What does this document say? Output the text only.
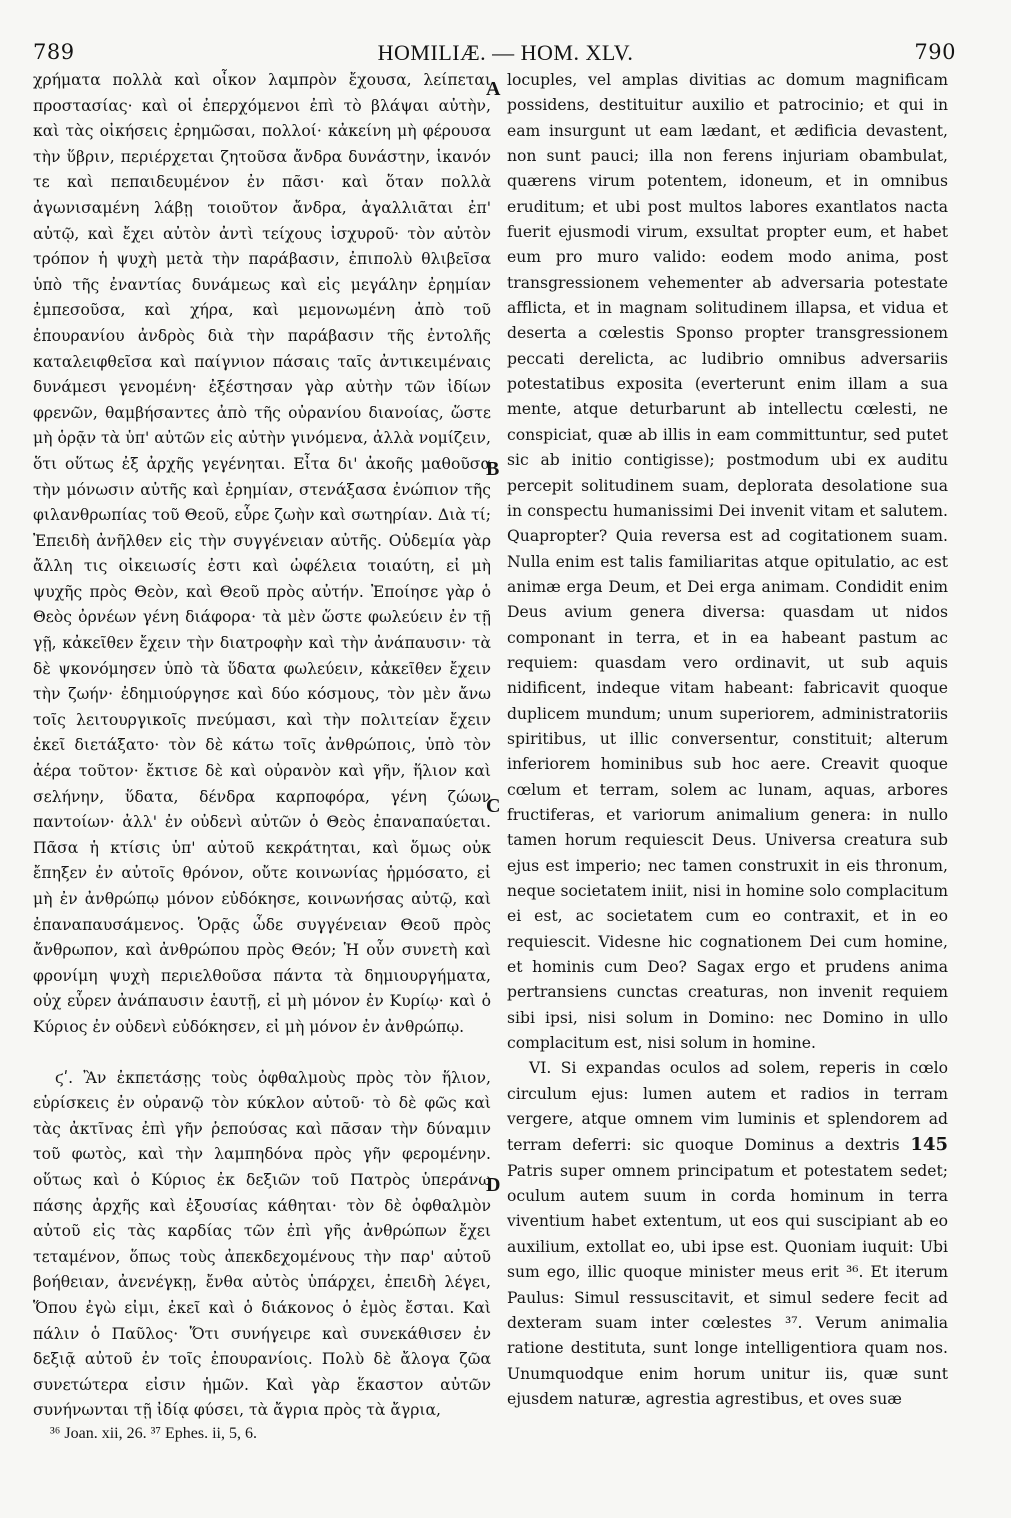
789	HOMILIÆ. — HOM. XLV.	790

χρήματα πολλὰ καὶ οἶκον λαμπρὸν ἔχουσα, λείπεται προστασίας· καὶ οἱ ἐπερχόμενοι ἐπὶ τὸ βλάψαι αὐτὴν, καὶ τὰς οἰκήσεις ἐρημῶσαι, πολλοί· κἀκείνη μὴ φέρουσα τὴν ὕβριν, περιέρχεται ζητοῦσα ἄνδρα δυνάστην, ἱκανόν τε καὶ πεπαιδευμένον ἐν πᾶσι· καὶ ὅταν πολλὰ ἀγωνισαμένη λάβῃ τοιοῦτον ἄνδρα, ἀγαλλιᾶται ἐπ' αὐτῷ, καὶ ἔχει αὐτὸν ἀντὶ τείχους ἰσχυροῦ· τὸν αὐτὸν τρόπον ἡ ψυχὴ μετὰ τὴν παράβασιν, ἐπιπολὺ θλιβεῖσα ὑπὸ τῆς ἐναντίας δυνάμεως καὶ εἰς μεγάλην ἐρημίαν ἐμπεσοῦσα, καὶ χήρα, καὶ μεμονωμένη ἀπὸ τοῦ ἐπουρανίου ἀνδρὸς διὰ τὴν παράβασιν τῆς ἐντολῆς καταλειφθεῖσα καὶ παίγνιον πάσαις ταῖς ἀντικειμέναις δυνάμεσι γενομένη· ἐξέστησαν γὰρ αὐτὴν τῶν ἰδίων φρενῶν, θαμβήσαντες ἀπὸ τῆς οὐρανίου διανοίας, ὥστε μὴ ὁρᾷν τὰ ὑπ' αὐτῶν εἰς αὐτὴν γινόμενα, ἀλλὰ νομίζειν, ὅτι οὕτως ἐξ ἀρχῆς γεγένηται. Εἶτα δι' ἀκοῆς μαθοῦσα τὴν μόνωσιν αὐτῆς καὶ ἐρημίαν, στενάξασα ἐνώπιον τῆς φιλανθρωπίας τοῦ Θεοῦ, εὗρε ζωὴν καὶ σωτηρίαν. Διὰ τί; Ἐπειδὴ ἀνῆλθεν εἰς τὴν συγγένειαν αὐτῆς. Οὐδεμία γὰρ ἄλλη τις οἰκειωσίς ἐστι καὶ ὠφέλεια τοιαύτη, εἰ μὴ ψυχῆς πρὸς Θεὸν, καὶ Θεοῦ πρὸς αὐτήν. Ἐποίησε γὰρ ὁ Θεὸς ὀρνέων γένη διάφορα· τὰ μὲν ὥστε φωλεύειν ἐν τῇ γῇ, κἀκεῖθεν ἔχειν τὴν διατροφὴν καὶ τὴν ἀνάπαυσιν· τὰ δὲ ψκονόμησεν ὑπὸ τὰ ὕδατα φωλεύειν, κἀκεῖθεν ἔχειν τὴν ζωήν· ἐδημιούργησε καὶ δύο κόσμους, τὸν μὲν ἄνω τοῖς λειτουργικοῖς πνεύμασι, καὶ τὴν πολιτείαν ἔχειν ἐκεῖ διετάξατο· τὸν δὲ κάτω τοῖς ἀνθρώποις, ὑπὸ τὸν ἀέρα τοῦτον· ἔκτισε δὲ καὶ οὐρανὸν καὶ γῆν, ἥλιον καὶ σελήνην, ὕδατα, δένδρα καρποφόρα, γένη ζώων παντοίων· ἀλλ' ἐν οὐδενὶ αὐτῶν ὁ Θεὸς ἐπαναπαύεται. Πᾶσα ἡ κτίσις ὑπ' αὐτοῦ κεκράτηται, καὶ ὅμως οὐκ ἔπηξεν ἐν αὐτοῖς θρόνον, οὔτε κοινωνίας ἡρμόσατο, εἰ μὴ ἐν ἀνθρώπῳ μόνον εὐδόκησε, κοινωνήσας αὐτῷ, καὶ ἐπαναπαυσάμενος. Ὁρᾷς ὧδε συγγένειαν Θεοῦ πρὸς ἄνθρωπον, καὶ ἀνθρώπου πρὸς Θεόν; Ἡ οὖν συνετὴ καὶ φρονίμη ψυχὴ περιελθοῦσα πάντα τὰ δημιουργήματα, οὐχ εὗρεν ἀνάπαυσιν ἑαυτῇ, εἰ μὴ μόνον ἐν Κυρίῳ· καὶ ὁ Κύριος ἐν οὐδενὶ εὐδόκησεν, εἰ μὴ μόνον ἐν ἀνθρώπῳ.

ϛʹ. Ἂν ἐκπετάσῃς τοὺς ὀφθαλμοὺς πρὸς τὸν ἥλιον, εὑρίσκεις ἐν οὐρανῷ τὸν κύκλον αὐτοῦ· τὸ δὲ φῶς καὶ τὰς ἀκτῖνας ἐπὶ γῆν ῥεπούσας καὶ πᾶσαν τὴν δύναμιν τοῦ φωτὸς, καὶ τὴν λαμπηδόνα πρὸς γῆν φερομένην. οὕτως καὶ ὁ Κύριος ἐκ δεξιῶν τοῦ Πατρὸς ὑπεράνω πάσης ἀρχῆς καὶ ἐξουσίας κάθηται· τὸν δὲ ὀφθαλμὸν αὐτοῦ εἰς τὰς καρδίας τῶν ἐπὶ γῆς ἀνθρώπων ἔχει τεταμένον, ὅπως τοὺς ἀπεκδεχομένους τὴν παρ' αὐτοῦ βοήθειαν, ἀνενέγκῃ, ἔνθα αὐτὸς ὑπάρχει, ἐπειδὴ λέγει, Ὅπου ἐγὼ εἰμι, ἐκεῖ καὶ ὁ διάκονος ὁ ἐμὸς ἔσται. Καὶ πάλιν ὁ Παῦλος· Ὅτι συνήγειρε καὶ συνεκάθισεν ἐν δεξιᾷ αὐτοῦ ἐν τοῖς ἐπουρανίοις. Πολὺ δὲ ἄλογα ζῶα συνετώτερα εἰσιν ἡμῶν. Καὶ γὰρ ἕκαστον αὐτῶν συνήνωνται τῇ ἰδίᾳ φύσει, τὰ ἄγρια πρὸς τὰ ἄγρια,

A
B
C
D

locuples, vel amplas divitias ac domum magnificam possidens, destituitur auxilio et patrocinio; et qui in eam insurgunt ut eam lædant, et ædificia devastent, non sunt pauci; illa non ferens injuriam obambulat, quærens virum potentem, idoneum, et in omnibus eruditum; et ubi post multos labores exantlatos nacta fuerit ejusmodi virum, exsultat propter eum, et habet eum pro muro valido: eodem modo anima, post transgressionem vehementer ab adversaria potestate afflicta, et in magnam solitudinem illapsa, et vidua et deserta a cœlestis Sponso propter transgressionem peccati derelicta, ac ludibrio omnibus adversariis potestatibus exposita (everterunt enim illam a sua mente, atque deturbarunt ab intellectu cœlesti, ne conspiciat, quæ ab illis in eam committuntur, sed putet sic ab initio contigisse); postmodum ubi ex auditu percepit solitudinem suam, deplorata desolatione sua in conspectu humanissimi Dei invenit vitam et salutem. Quapropter? Quia reversa est ad cogitationem suam. Nulla enim est talis familiaritas atque opitulatio, ac est animæ erga Deum, et Dei erga animam. Condidit enim Deus avium genera diversa: quasdam ut nidos componant in terra, et in ea habeant pastum ac requiem: quasdam vero ordinavit, ut sub aquis nidificent, indeque vitam habeant: fabricavit quoque duplicem mundum; unum superiorem, administratoriis spiritibus, ut illic conversentur, constituit; alterum inferiorem hominibus sub hoc aere. Creavit quoque cœlum et terram, solem ac lunam, aquas, arbores fructiferas, et variorum animalium genera: in nullo tamen horum requiescit Deus. Universa creatura sub ejus est imperio; nec tamen construxit in eis thronum, neque societatem iniit, nisi in homine solo complacitum ei est, ac societatem cum eo contraxit, et in eo requiescit. Videsne hic cognationem Dei cum homine, et hominis cum Deo? Sagax ergo et prudens anima pertransiens cunctas creaturas, non invenit requiem sibi ipsi, nisi solum in Domino: nec Domino in ullo complacitum est, nisi solum in homine.

VI. Si expandas oculos ad solem, reperis in cœlo circulum ejus: lumen autem et radios in terram vergere, atque omnem vim luminis et splendorem ad terram deferri: sic quoque Dominus a dextris 145 Patris super omnem principatum et potestatem sedet; oculum autem suum in corda hominum in terra viventium habet extentum, ut eos qui suscipiant ab eo auxilium, extollat eo, ubi ipse est. Quoniam iuquit: Ubi sum ego, illic quoque minister meus erit ³⁶. Et iterum Paulus: Simul ressuscitavit, et simul sedere fecit ad dexteram suam inter cœlestes ³⁷. Verum animalia ratione destituta, sunt longe intelligentiora quam nos. Unumquodque enim horum unitur iis, quæ sunt ejusdem naturæ, agrestia agrestibus, et oves suæ

³⁶ Joan. xii, 26. ³⁷ Ephes. ii, 5, 6.
